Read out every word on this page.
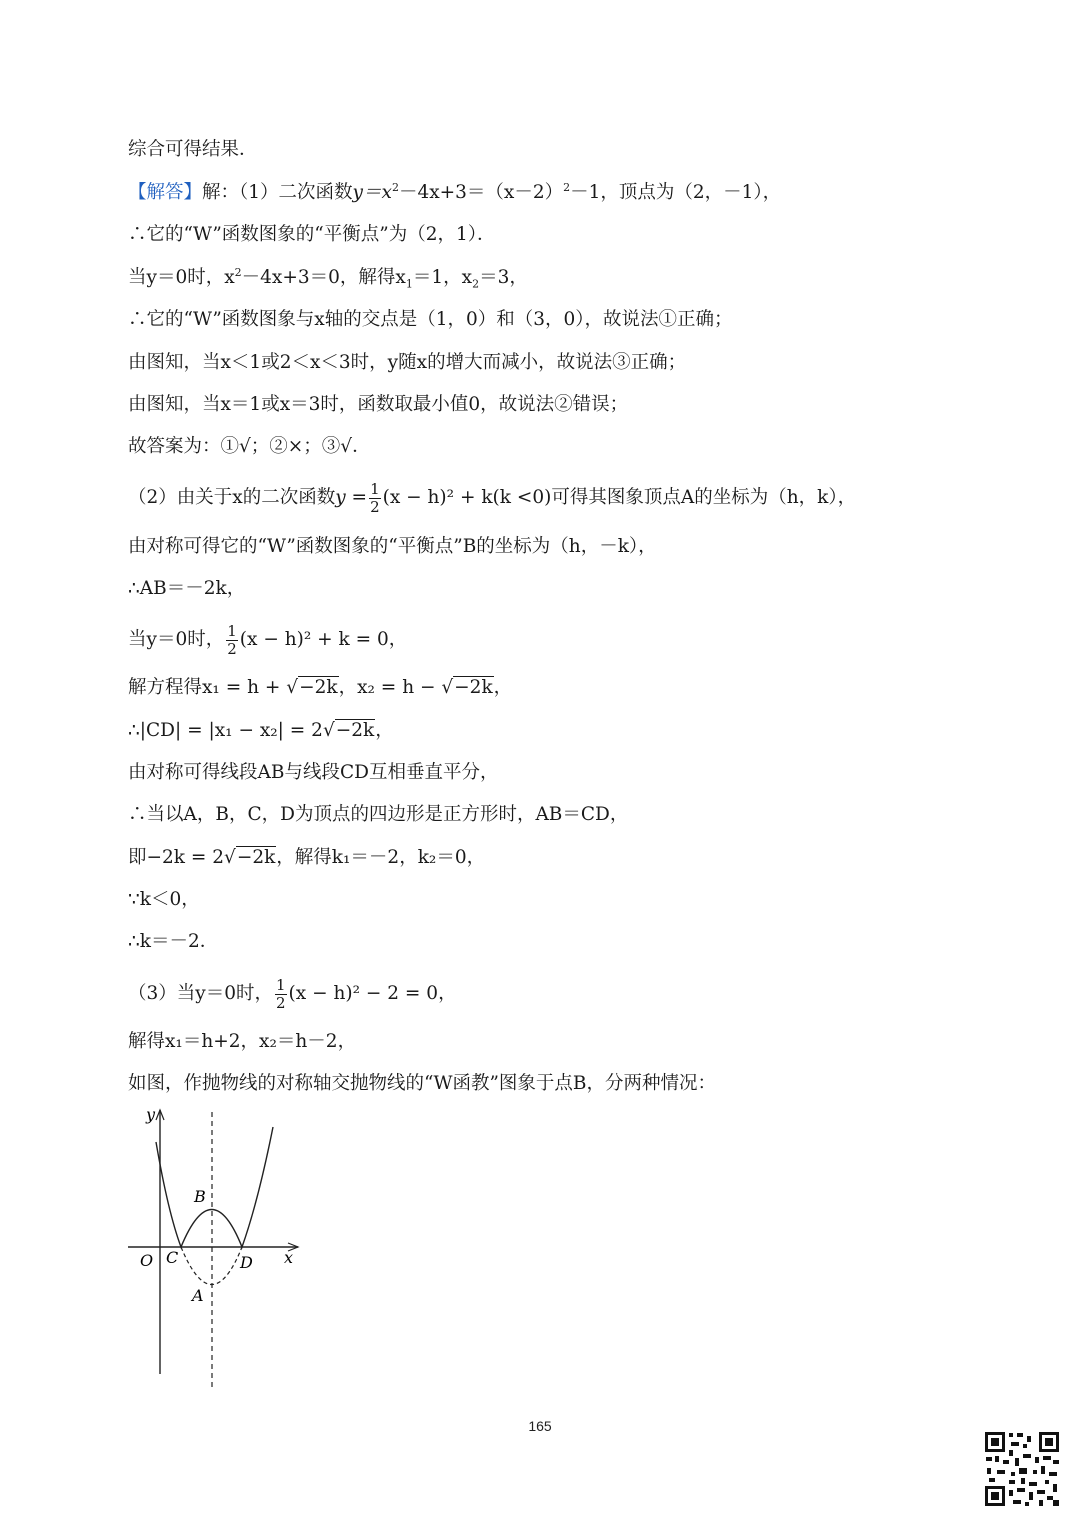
综合可得结果．
【解答】解：（1）二次函数$y=x^2-4x+3=(x-2)^2-1$，顶点为（2，－1），
∴它的“W”函数图象的“平衡点”为（2，1）．
当y＝0时，$x^2-4x+3=0$，解得$x_1=1$，$x_2=3$，
∴它的“W”函数图象与x轴的交点是（1，0）和（3，0），故说法①正确；
由图知，当x＜1或2＜x＜3时，y随x的增大而减小，故说法③正确；
由图知，当x＝1或x＝3时，函数取最小值0，故说法②错误；
故答案为：①√；②×；③√．
（2）由关于x的二次函数$y = \frac{1}{2} (x - h)^2 + k(k <0)$可得其图象顶点A的坐标为（h，k），
由对称可得它的“W”函数图象的“平衡点”B的坐标为（h，－k），
∴AB＝－2k，
当y＝0时， $\frac{1}{2} (x - h)^2 + k = 0$，
解方程得x₁ = h + √−2k，x₂ = h − √−2k，
∴|CD| = |x₁ − x₂| = 2√−2k，
由对称可得线段AB与线段CD互相垂直平分，
∴当以A，B，C，D为顶点的四边形是正方形时，AB＝CD，
即−2k = 2√−2k，解得k₁＝－2，k₂＝0，
∵k＜0，
∴k＝－2．
（3）当y＝0时， $\frac{1}{2} (x - h)^2 - 2 = 0$，
解得x₁＝h+2，x₂＝h－2，
如图，作抛物线的对称轴交抛物线的“W函教”图象于点B，分两种情况：
y
x
O
B
C	D
A
165
